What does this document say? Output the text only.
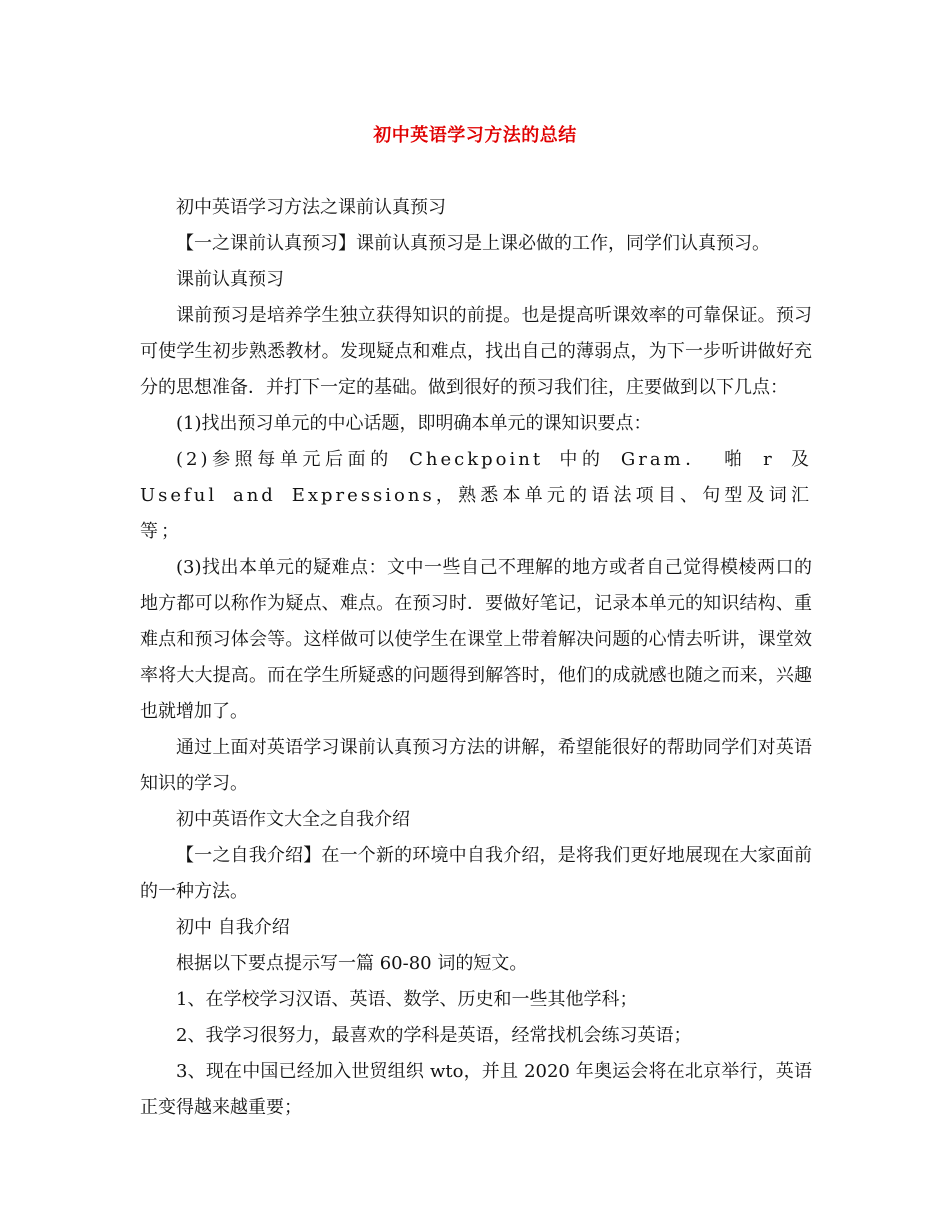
初中英语学习方法的总结

初中英语学习方法之课前认真预习

【一之课前认真预习】课前认真预习是上课必做的工作，同学们认真预习。

课前认真预习

课前预习是培养学生独立获得知识的前提。也是提高听课效率的可靠保证。预习可使学生初步熟悉教材。发现疑点和难点，找出自己的薄弱点，为下一步听讲做好充分的思想准备．并打下一定的基础。做到很好的预习我们往，庄要做到以下几点：

(1)找出预习单元的中心话题，即明确本单元的课知识要点：

(2)参照每单元后面的 Checkpoint 中的 Gram． 啪 r 及 Useful and Expressions，熟悉本单元的语法项目、句型及词汇等；

(3)找出本单元的疑难点：文中一些自己不理解的地方或者自己觉得模棱两口的地方都可以称作为疑点、难点。在预习时．要做好笔记，记录本单元的知识结构、重难点和预习体会等。这样做可以使学生在课堂上带着解决问题的心情去听讲，课堂效率将大大提高。而在学生所疑惑的问题得到解答时，他们的成就感也随之而来，兴趣也就增加了。

通过上面对英语学习课前认真预习方法的讲解，希望能很好的帮助同学们对英语知识的学习。

初中英语作文大全之自我介绍

【一之自我介绍】在一个新的环境中自我介绍，是将我们更好地展现在大家面前的一种方法。

初中 自我介绍

根据以下要点提示写一篇 60-80 词的短文。

1、在学校学习汉语、英语、数学、历史和一些其他学科；

2、我学习很努力，最喜欢的学科是英语，经常找机会练习英语；

3、现在中国已经加入世贸组织 wto，并且 2020 年奥运会将在北京举行，英语正变得越来越重要；
